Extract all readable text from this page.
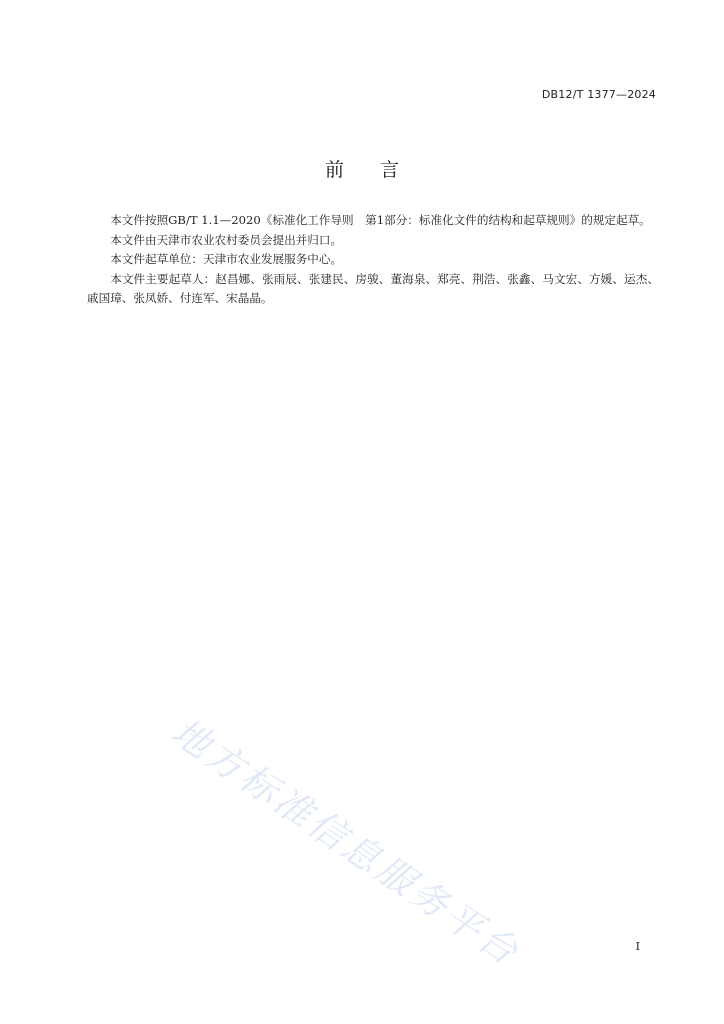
DB12/T 1377—2024
前言

本文件按照GB/T 1.1—2020《标准化工作导则　第1部分：标准化文件的结构和起草规则》的规定起草。

本文件由天津市农业农村委员会提出并归口。

本文件起草单位：天津市农业发展服务中心。

本文件主要起草人：赵昌娜、张雨辰、张建民、房骏、董海泉、郑亮、荆浩、张鑫、马文宏、方媛、运杰、戚国璋、张凤娇、付连军、宋晶晶。

地方标准信息服务平台	I
